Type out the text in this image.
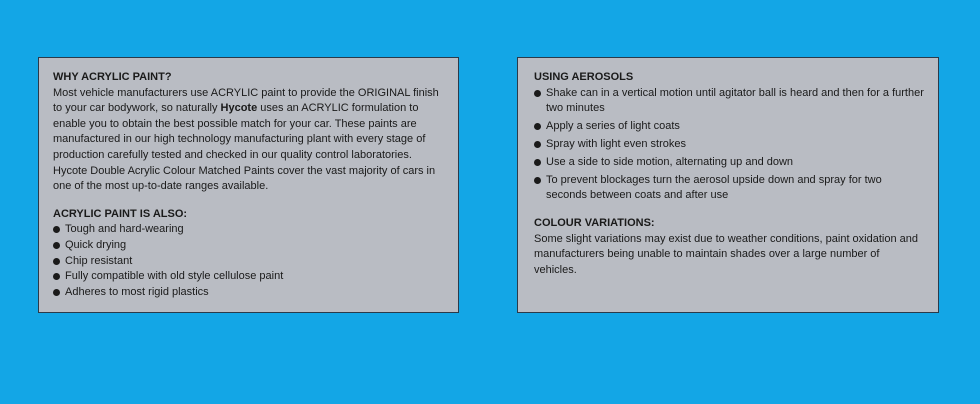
WHY ACRYLIC PAINT?

Most vehicle manufacturers use ACRYLIC paint to provide the ORIGINAL finish to your car bodywork, so naturally Hycote uses an ACRYLIC formulation to enable you to obtain the best possible match for your car. These paints are manufactured in our high technology manufacturing plant with every stage of production carefully tested and checked in our quality control laboratories. Hycote Double Acrylic Colour Matched Paints cover the vast majority of cars in one of the most up-to-date ranges available.

ACRYLIC PAINT IS ALSO:

Tough and hard-wearing
Quick drying
Chip resistant
Fully compatible with old style cellulose paint
Adheres to most rigid plastics

USING AEROSOLS

Shake can in a vertical motion until agitator ball is heard and then for a further two minutes
Apply a series of light coats
Spray with light even strokes
Use a side to side motion, alternating up and down
To prevent blockages turn the aerosol upside down and spray for two seconds between coats and after use

COLOUR VARIATIONS:

Some slight variations may exist due to weather conditions, paint oxidation and manufacturers being unable to maintain shades over a large number of vehicles.
